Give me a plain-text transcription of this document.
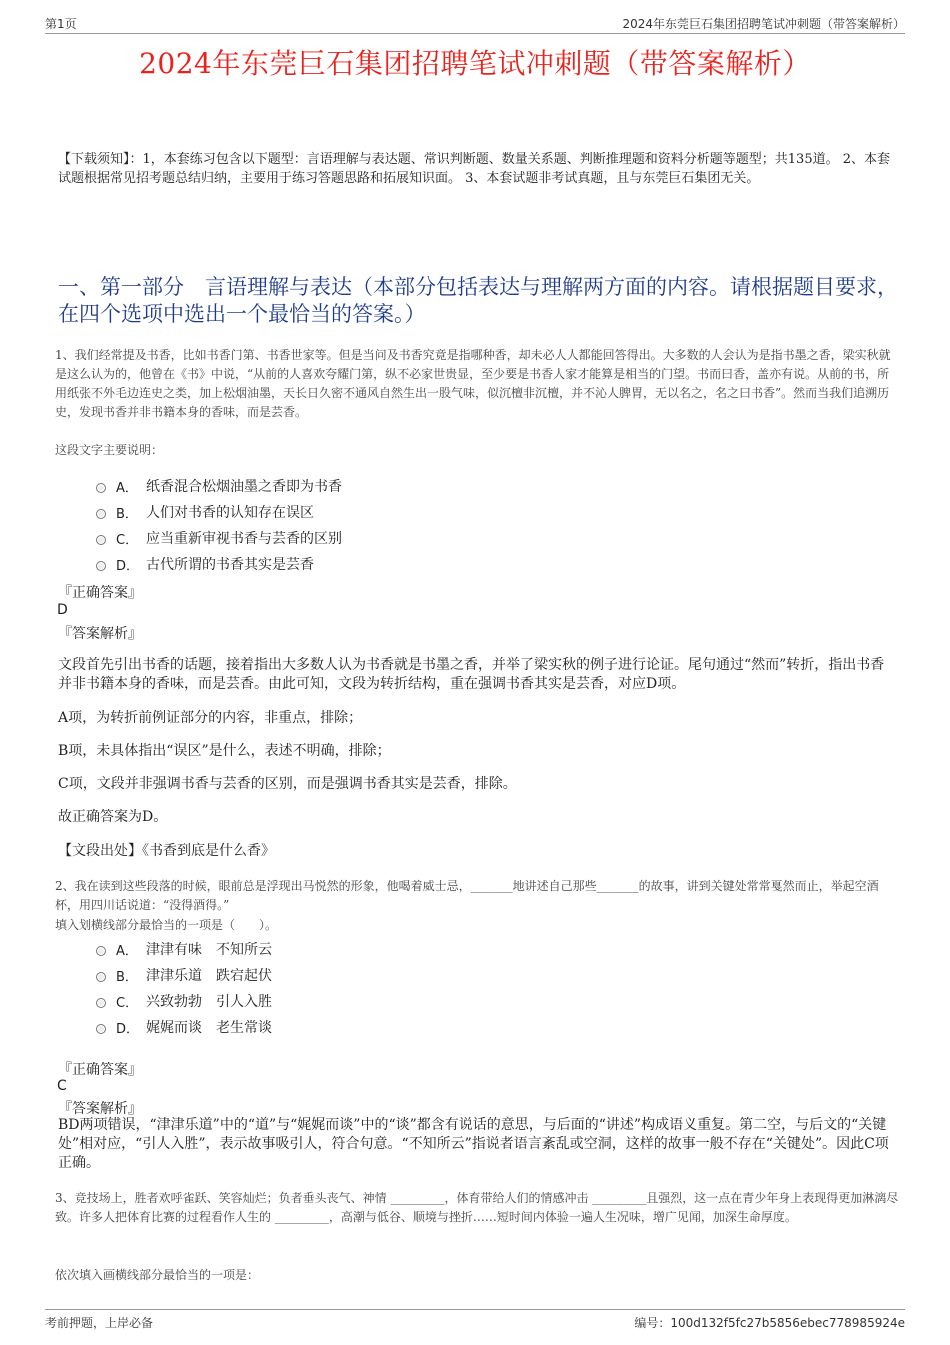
第1页	2024年东莞巨石集团招聘笔试冲刺题（带答案解析）
2024年东莞巨石集团招聘笔试冲刺题（带答案解析）
【下载须知】：1，本套练习包含以下题型：言语理解与表达题、常识判断题、数量关系题、判断推理题和资料分析题等题型；共135道。 2、本套试题根据常见招考题总结归纳，主要用于练习答题思路和拓展知识面。 3、本套试题非考试真题，且与东莞巨石集团无关。
一、第一部分　言语理解与表达（本部分包括表达与理解两方面的内容。请根据题目要求，在四个选项中选出一个最恰当的答案。）
1、我们经常提及书香，比如书香门第、书香世家等。但是当问及书香究竟是指哪种香，却未必人人都能回答得出。大多数的人会认为是指书墨之香，梁实秋就是这么认为的，他曾在《书》中说，“从前的人喜欢夸耀门第，纵不必家世贵显，至少要是书香人家才能算是相当的门望。书而曰香，盖亦有说。从前的书，所用纸张不外毛边连史之类，加上松烟油墨，天长日久密不通风自然生出一股气味，似沉檀非沉檀，并不沁人脾胃，无以名之，名之曰书香”。然而当我们追溯历史，发现书香并非书籍本身的香味，而是芸香。
这段文字主要说明：
A． 纸香混合松烟油墨之香即为书香
B． 人们对书香的认知存在误区
C． 应当重新审视书香与芸香的区别
D． 古代所谓的书香其实是芸香
『正确答案』
D
『答案解析』
文段首先引出书香的话题，接着指出大多数人认为书香就是书墨之香，并举了梁实秋的例子进行论证。尾句通过“然而”转折，指出书香并非书籍本身的香味，而是芸香。由此可知，文段为转折结构，重在强调书香其实是芸香，对应D项。
A项，为转折前例证部分的内容，非重点，排除；
B项，未具体指出“误区”是什么，表述不明确，排除；
C项，文段并非强调书香与芸香的区别，而是强调书香其实是芸香，排除。
故正确答案为D。
【文段出处】《书香到底是什么香》
2、我在读到这些段落的时候，眼前总是浮现出马悦然的形象，他喝着威士忌，_______地讲述自己那些_______的故事，讲到关键处常常戛然而止，举起空酒杯，用四川话说道：“没得酒得。”
填入划横线部分最恰当的一项是（　　）。
A． 津津有味　不知所云
B． 津津乐道　跌宕起伏
C． 兴致勃勃　引人入胜
D． 娓娓而谈　老生常谈
『正确答案』
C
『答案解析』
BD两项错误，“津津乐道”中的“道”与“娓娓而谈”中的“谈”都含有说话的意思，与后面的“讲述”构成语义重复。第二空，与后文的“关键处”相对应，“引人入胜”，表示故事吸引人，符合句意。“不知所云”指说者语言紊乱或空洞，这样的故事一般不存在“关键处”。因此C项正确。
3、竞技场上，胜者欢呼雀跃、笑容灿烂；负者垂头丧气、神情 _________，体育带给人们的情感冲击 _________且强烈，这一点在青少年身上表现得更加淋漓尽致。许多人把体育比赛的过程看作人生的 _________，高潮与低谷、顺境与挫折……短时间内体验一遍人生况味，增广见闻，加深生命厚度。
依次填入画横线部分最恰当的一项是：
考前押题，上岸必备	编号：100d132f5fc27b5856ebec778985924e
